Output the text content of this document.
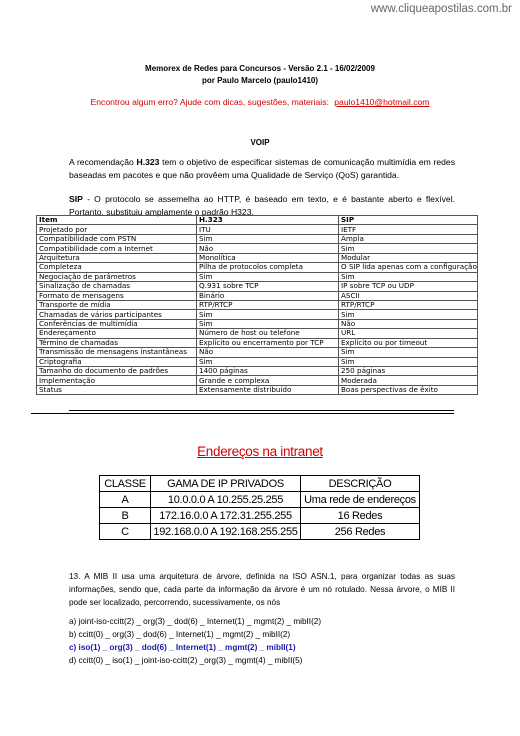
www.cliqueapostilas.com.br
Memorex de Redes para Concursos - Versão 2.1 - 16/02/2009
por Paulo Marcelo (paulo1410)
Encontrou algum erro? Ajude com dicas, sugestões, materiais: paulo1410@hotmail.com
VOIP
A recomendação H.323 tem o objetivo de especificar sistemas de comunicação multimídia em redes baseadas em pacotes e que não provêem uma Qualidade de Serviço (QoS) garantida.
SIP - O protocolo se assemelha ao HTTP, é baseado em texto, e é bastante aberto e flexível. Portanto, substituiu amplamente o padrão H323.
Item	H.323	SIP
Projetado por	ITU	IETF
Compatibilidade com PSTN	Sim	Ampla
Compatibilidade com a Internet	Não	Sim
Arquitetura	Monolítica	Modular
Completeza	Pilha de protocolos completa	O SIP lida apenas com a configuração
Negociação de parâmetros	Sim	Sim
Sinalização de chamadas	Q.931 sobre TCP	IP sobre TCP ou UDP
Formato de mensagens	Binário	ASCII
Transporte de mídia	RTP/RTCP	RTP/RTCP
Chamadas de vários participantes	Sim	Sim
Conferências de multimídia	Sim	Não
Endereçamento	Número de host ou telefone	URL
Término de chamadas	Explícito ou encerramento por TCP	Explícito ou por timeout
Transmissão de mensagens instantâneas	Não	Sim
Criptografia	Sim	Sim
Tamanho do documento de padrões	1400 páginas	250 páginas
Implementação	Grande e complexa	Moderada
Status	Extensamente distribuído	Boas perspectivas de êxito
Endereços na intranet
CLASSE	GAMA DE IP PRIVADOS	DESCRIÇÃO
A	10.0.0.0 A 10.255.25.255	Uma rede de endereços
B	172.16.0.0 A 172.31.255.255	16 Redes
C	192.168.0.0 A 192.168.255.255	256 Redes
13. A MIB II usa uma arquitetura de árvore, definida na ISO ASN.1, para organizar todas as suas informações, sendo que, cada parte da informação da árvore é um nó rotulado. Nessa árvore, o MIB II pode ser localizado, percorrendo, sucessivamente, os nós
a) joint-iso-ccitt(2) _ org(3) _ dod(6) _ Internet(1) _ mgmt(2) _ mibII(2)
b) ccitt(0) _ org(3) _ dod(6) _ Internet(1) _ mgmt(2) _ mibII(2)
c) iso(1) _ org(3) _ dod(6) _ Internet(1) _ mgmt(2) _ mibII(1)
d) ccitt(0) _ iso(1) _ joint-iso-ccitt(2) _org(3) _ mgmt(4) _ mibII(5)
